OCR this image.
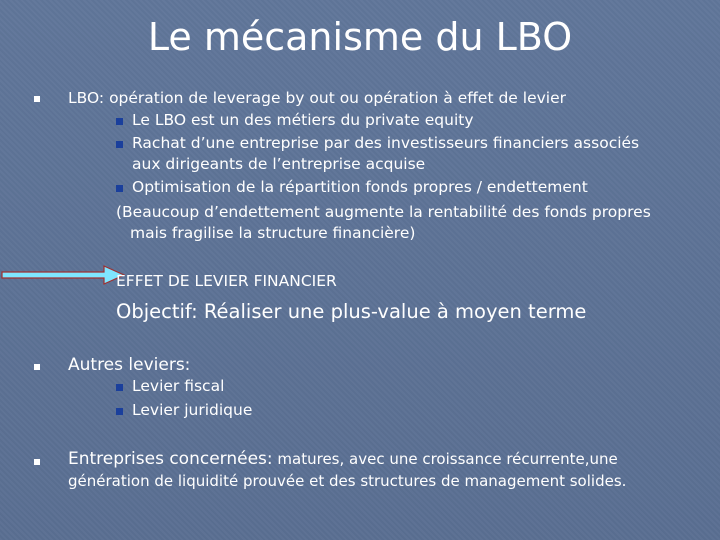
Le mécanisme du LBO
LBO: opération de leverage by out ou opération à effet de levier
Le LBO est un des métiers du private equity
Rachat d’une entreprise par des investisseurs financiers associés
aux dirigeants de l’entreprise acquise
Optimisation de la répartition fonds propres / endettement
(Beaucoup d’endettement augmente la rentabilité des fonds propres
mais fragilise la structure financière)
EFFET DE LEVIER FINANCIER
Objectif: Réaliser une plus-value à moyen terme
Autres leviers:
Levier fiscal
Levier juridique
Entreprises concernées: matures, avec une croissance récurrente,une
génération de liquidité prouvée et des structures de management solides.
